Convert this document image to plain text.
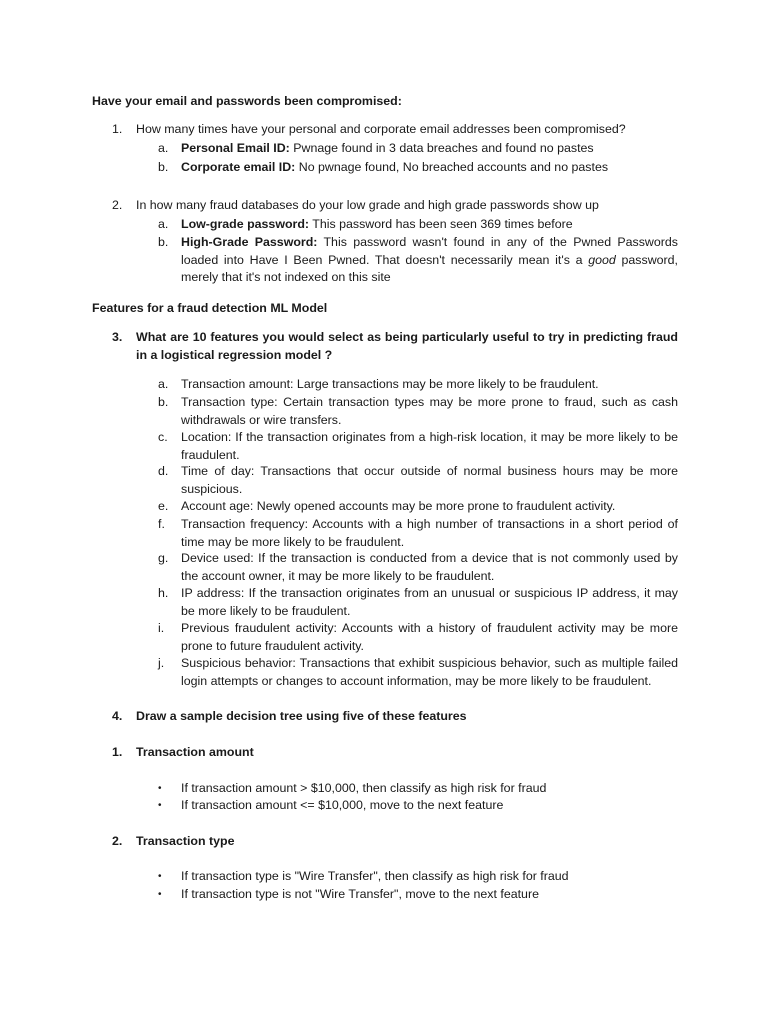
Have your email and passwords been compromised:
1.	How many times have your personal and corporate email addresses been compromised?
a.	Personal Email ID: Pwnage found in 3 data breaches and found no pastes
b.	Corporate email ID: No pwnage found, No breached accounts and no pastes
2.	In how many fraud databases do your low grade and high grade passwords show up
a.	Low-grade password: This password has been seen 369 times before
b.	High-Grade Password: This password wasn't found in any of the Pwned Passwords loaded into Have I Been Pwned. That doesn't necessarily mean it's a good password, merely that it's not indexed on this site
Features for a fraud detection ML Model
3.	What are 10 features you would select as being particularly useful to try in predicting fraud in a logistical regression model ?
a.	Transaction amount: Large transactions may be more likely to be fraudulent.
b.	Transaction type: Certain transaction types may be more prone to fraud, such as cash withdrawals or wire transfers.
c.	Location: If the transaction originates from a high-risk location, it may be more likely to be fraudulent.
d.	Time of day: Transactions that occur outside of normal business hours may be more suspicious.
e.	Account age: Newly opened accounts may be more prone to fraudulent activity.
f.	Transaction frequency: Accounts with a high number of transactions in a short period of time may be more likely to be fraudulent.
g.	Device used: If the transaction is conducted from a device that is not commonly used by the account owner, it may be more likely to be fraudulent.
h.	IP address: If the transaction originates from an unusual or suspicious IP address, it may be more likely to be fraudulent.
i.	Previous fraudulent activity: Accounts with a history of fraudulent activity may be more prone to future fraudulent activity.
j.	Suspicious behavior: Transactions that exhibit suspicious behavior, such as multiple failed login attempts or changes to account information, may be more likely to be fraudulent.
4.	Draw a sample decision tree using five of these features
1.	Transaction amount
•	If transaction amount > $10,000, then classify as high risk for fraud
•	If transaction amount <= $10,000, move to the next feature
2.	Transaction type
•	If transaction type is "Wire Transfer", then classify as high risk for fraud
•	If transaction type is not "Wire Transfer", move to the next feature
